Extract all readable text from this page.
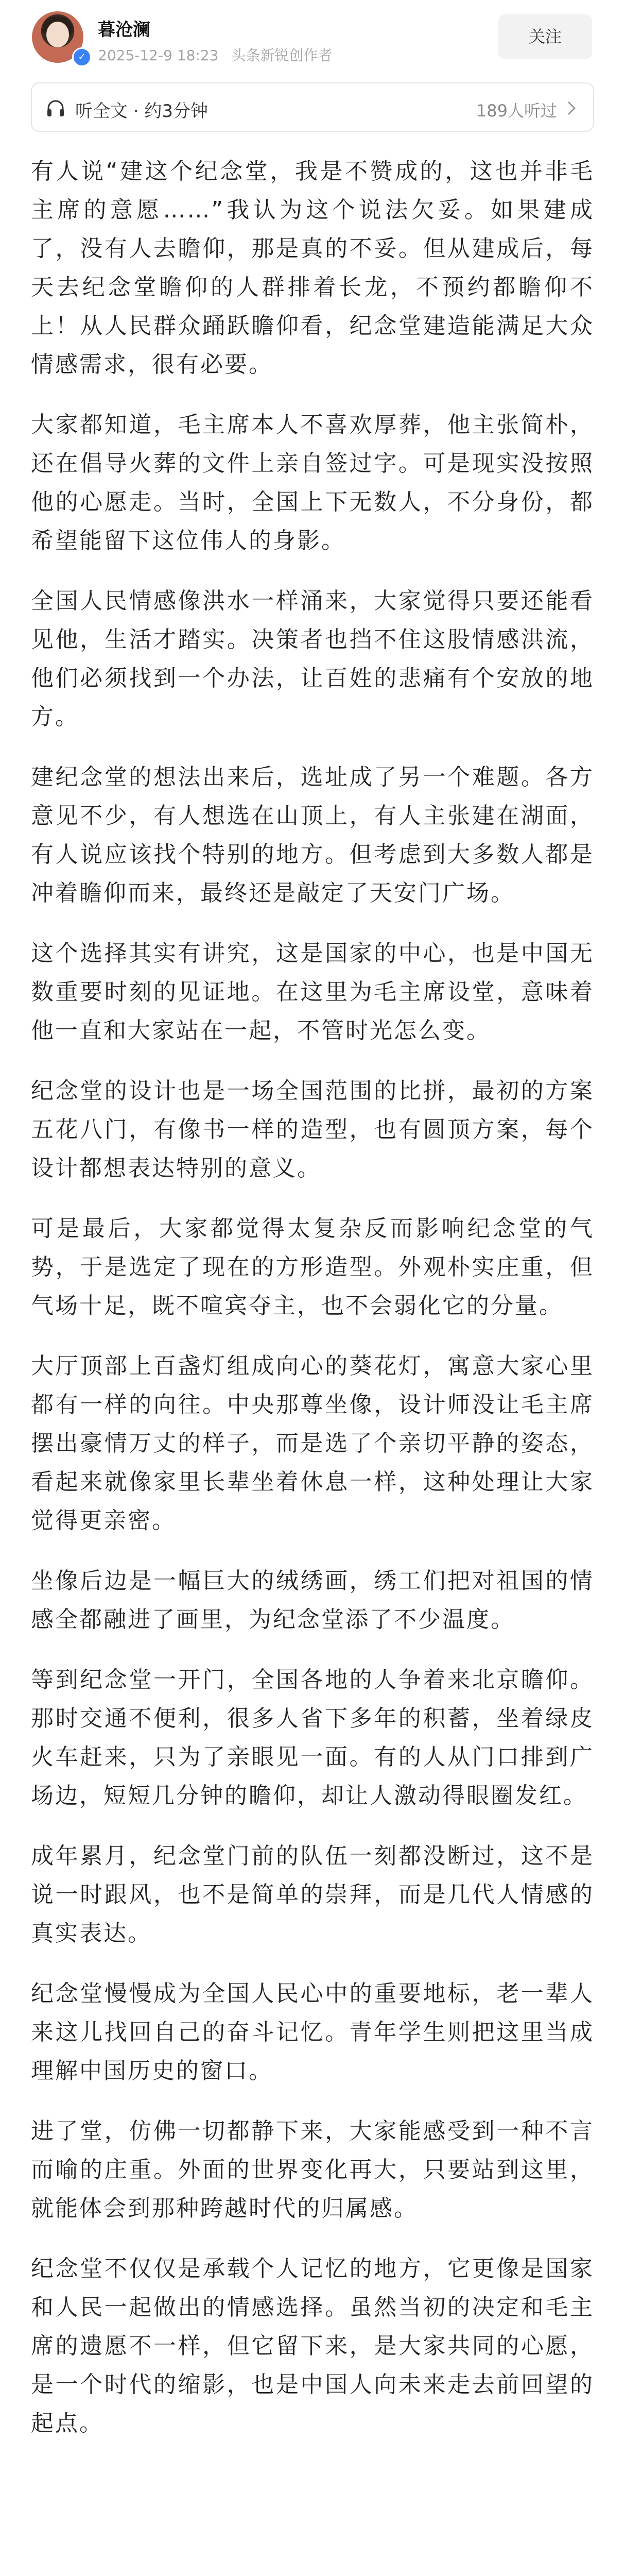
✓
暮沧澜
2025-12-9 18:23 头条新锐创作者
关注
听全文 · 约3分钟	189人听过

有人说“建这个纪念堂，我是不赞成的，这也并非毛主席的意愿……”我认为这个说法欠妥。如果建成了，没有人去瞻仰，那是真的不妥。但从建成后，每天去纪念堂瞻仰的人群排着长龙，不预约都瞻仰不上！从人民群众踊跃瞻仰看，纪念堂建造能满足大众情感需求，很有必要。

大家都知道，毛主席本人不喜欢厚葬，他主张简朴，还在倡导火葬的文件上亲自签过字。可是现实没按照他的心愿走。当时，全国上下无数人，不分身份，都希望能留下这位伟人的身影。

全国人民情感像洪水一样涌来，大家觉得只要还能看见他，生活才踏实。决策者也挡不住这股情感洪流，他们必须找到一个办法，让百姓的悲痛有个安放的地方。

建纪念堂的想法出来后，选址成了另一个难题。各方意见不少，有人想选在山顶上，有人主张建在湖面，有人说应该找个特别的地方。但考虑到大多数人都是冲着瞻仰而来，最终还是敲定了天安门广场。

这个选择其实有讲究，这是国家的中心，也是中国无数重要时刻的见证地。在这里为毛主席设堂，意味着他一直和大家站在一起，不管时光怎么变。

纪念堂的设计也是一场全国范围的比拼，最初的方案五花八门，有像书一样的造型，也有圆顶方案，每个设计都想表达特别的意义。

可是最后，大家都觉得太复杂反而影响纪念堂的气势，于是选定了现在的方形造型。外观朴实庄重，但气场十足，既不喧宾夺主，也不会弱化它的分量。

大厅顶部上百盏灯组成向心的葵花灯，寓意大家心里都有一样的向往。中央那尊坐像，设计师没让毛主席摆出豪情万丈的样子，而是选了个亲切平静的姿态，看起来就像家里长辈坐着休息一样，这种处理让大家觉得更亲密。

坐像后边是一幅巨大的绒绣画，绣工们把对祖国的情感全都融进了画里，为纪念堂添了不少温度。

等到纪念堂一开门，全国各地的人争着来北京瞻仰。那时交通不便利，很多人省下多年的积蓄，坐着绿皮火车赶来，只为了亲眼见一面。有的人从门口排到广场边，短短几分钟的瞻仰，却让人激动得眼圈发红。

成年累月，纪念堂门前的队伍一刻都没断过，这不是说一时跟风，也不是简单的崇拜，而是几代人情感的真实表达。

纪念堂慢慢成为全国人民心中的重要地标，老一辈人来这儿找回自己的奋斗记忆。青年学生则把这里当成理解中国历史的窗口。

进了堂，仿佛一切都静下来，大家能感受到一种不言而喻的庄重。外面的世界变化再大，只要站到这里，就能体会到那种跨越时代的归属感。

纪念堂不仅仅是承载个人记忆的地方，它更像是国家和人民一起做出的情感选择。虽然当初的决定和毛主席的遗愿不一样，但它留下来，是大家共同的心愿，是一个时代的缩影，也是中国人向未来走去前回望的起点。
